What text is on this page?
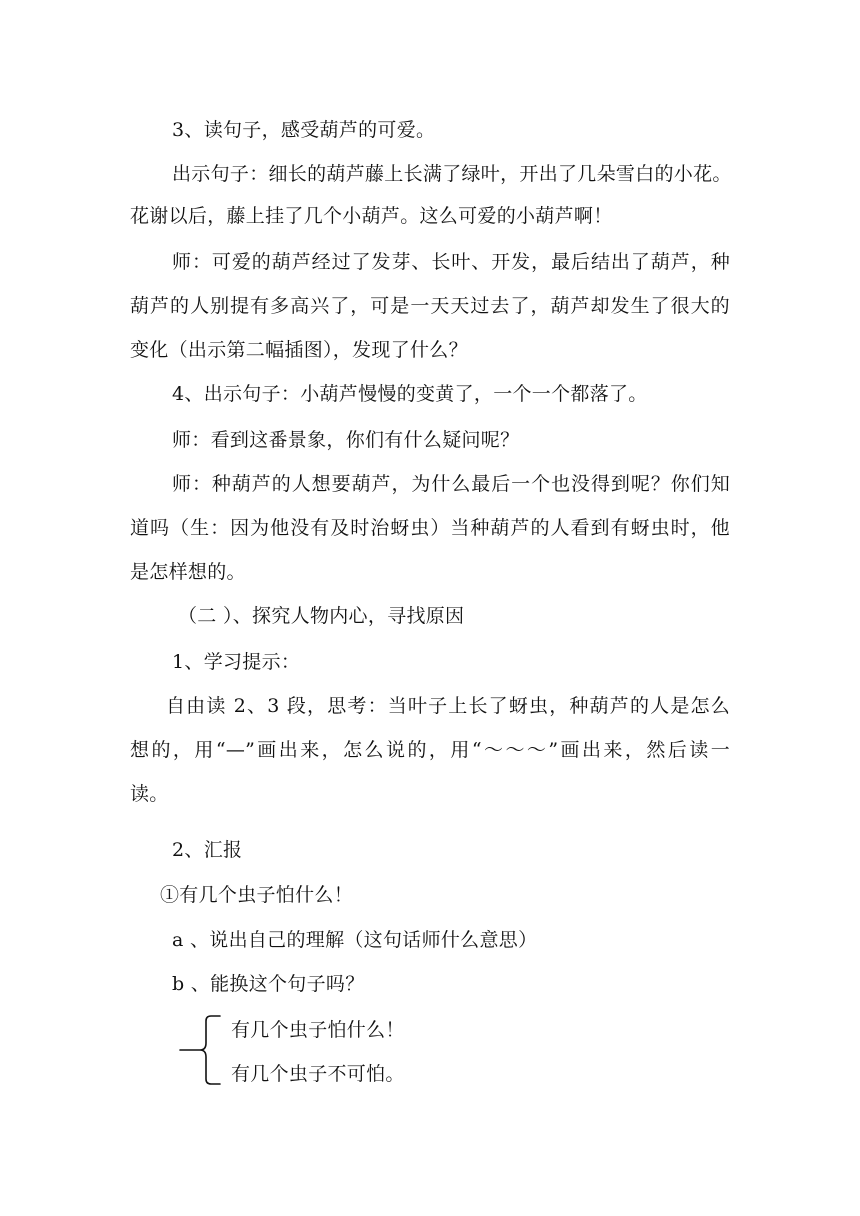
3、读句子，感受葫芦的可爱。
出示句子：细长的葫芦藤上长满了绿叶，开出了几朵雪白的小花。
花谢以后，藤上挂了几个小葫芦。这么可爱的小葫芦啊！
师：可爱的葫芦经过了发芽、长叶、开发，最后结出了葫芦，种
葫芦的人别提有多高兴了，可是一天天过去了，葫芦却发生了很大的
变化（出示第二幅插图），发现了什么？
4、出示句子：小葫芦慢慢的变黄了，一个一个都落了。
师：看到这番景象，你们有什么疑问呢？
师：种葫芦的人想要葫芦，为什么最后一个也没得到呢？你们知
道吗（生：因为他没有及时治蚜虫）当种葫芦的人看到有蚜虫时，他
是怎样想的。
（二 ）、探究人物内心，寻找原因
1、学习提示：
自由读 2、3 段，思考：当叶子上长了蚜虫，种葫芦的人是怎么
想的，用“—”画出来，怎么说的，用“～～～”画出来，然后读一
读。
2、汇报
①有几个虫子怕什么！
a 、说出自己的理解（这句话师什么意思）
b 、能换这个句子吗？
有几个虫子怕什么！
有几个虫子不可怕。
